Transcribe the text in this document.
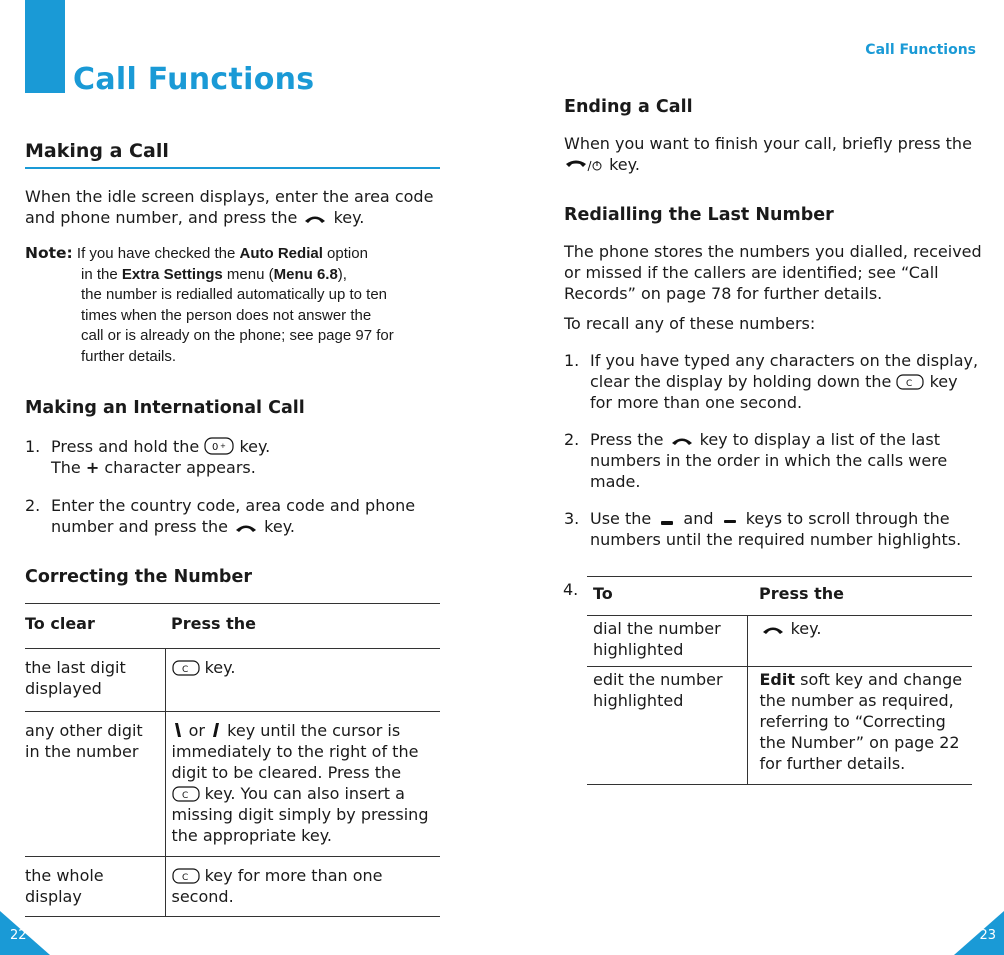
Call Functions
Making a Call
When the idle screen displays, enter the area code
and phone number, and press the key.
Note: If you have checked the Auto Redial option
in the Extra Settings menu (Menu 6.8),
the number is redialled automatically up to ten
times when the person does not answer the
call or is already on the phone; see page 97 for
further details.
Making an International Call
1. Press and hold the 0 + key.
The + character appears.
2. Enter the country code, area code and phone
number and press the key.
Correcting the Number
To clear	Press the
the last digit displayed	C key.
any other digit in the number	or key until the cursor is immediately to the right of the digit to be cleared. Press the
C key. You can also insert a missing digit simply by pressing the appropriate key.
the whole display	C key for more than one second.
22
Call Functions
Ending a Call
When you want to finish your call, briefly press the
key.
Redialling the Last Number
The phone stores the numbers you dialled, received
or missed if the callers are identified; see “Call
Records” on page 78 for further details.
To recall any of these numbers:
1. If you have typed any characters on the display,
clear the display by holding down the C key
for more than one second.
2. Press the key to display a list of the last
numbers in the order in which the calls were
made.
3. Use the and keys to scroll through the
numbers until the required number highlights.
4. To	Press the
dial the number highlighted	key.
edit the number highlighted	Edit soft key and change the number as required, referring to “Correcting the Number” on page 22 for further details.
23
